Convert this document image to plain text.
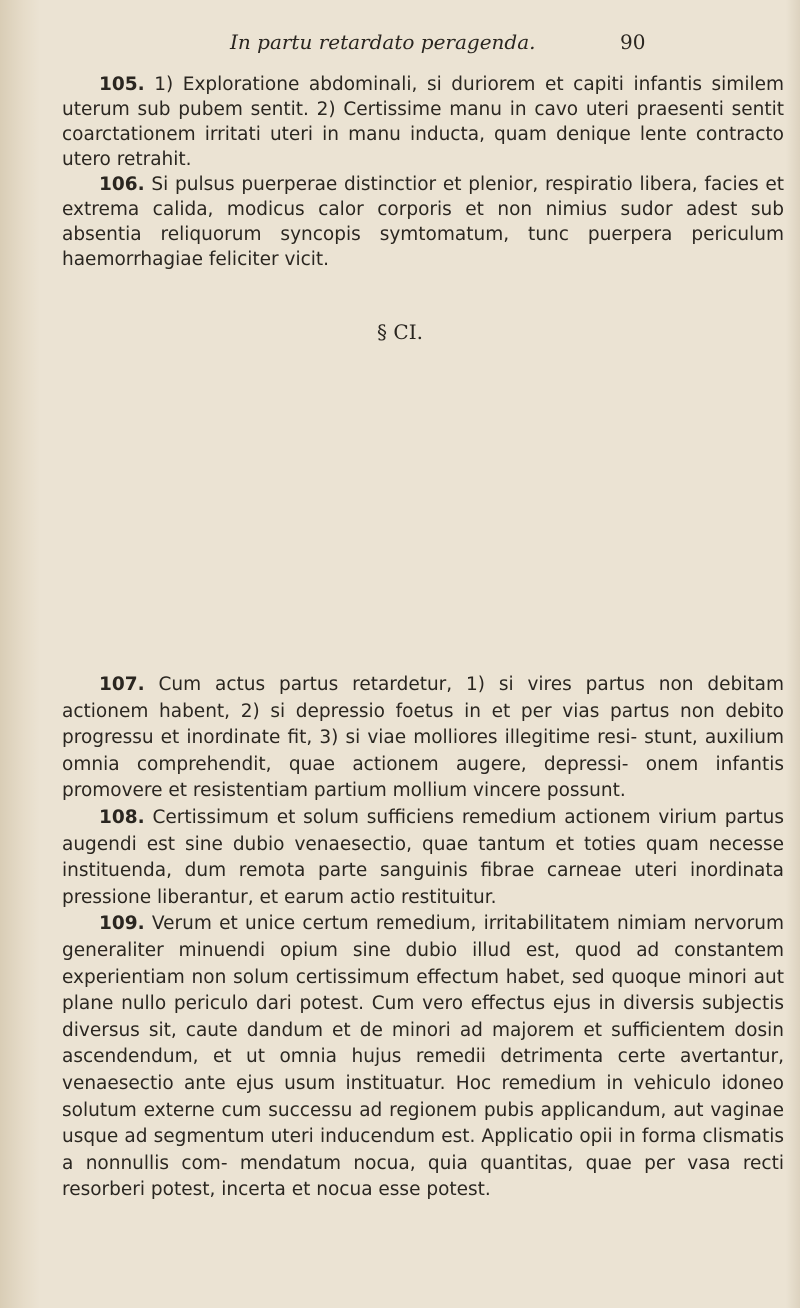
In partu retardato peragenda.	90

105. 1) Exploratione abdominali, si duriorem et capiti infantis similem uterum sub pubem sentit. 2) Certissime manu in cavo uteri praesenti sentit coarctationem irritati uteri in manu inducta, quam denique lente contracto utero retrahit.

106. Si pulsus puerperae distinctior et plenior, respiratio libera, facies et extrema calida, modicus calor corporis et non nimius sudor adest sub absentia reliquorum syncopis symtomatum, tunc puerpera periculum haemorrhagiae feliciter vicit.

§ CI.

107. Cum actus partus retardetur, 1) si vires partus non debitam actionem habent, 2) si depressio foetus in et per vias partus non debito progressu et inordinate fit, 3) si viae molliores illegitime resi- stunt, auxilium omnia comprehendit, quae actionem augere, depressi- onem infantis promovere et resistentiam partium mollium vincere possunt.

108. Certissimum et solum sufficiens remedium actionem virium partus augendi est sine dubio venaesectio, quae tantum et toties quam necesse instituenda, dum remota parte sanguinis fibrae carneae uteri inordinata pressione liberantur, et earum actio restituitur.

109. Verum et unice certum remedium, irritabilitatem nimiam nervorum generaliter minuendi opium sine dubio illud est, quod ad constantem experientiam non solum certissimum effectum habet, sed quoque minori aut plane nullo periculo dari potest. Cum vero effectus ejus in diversis subjectis diversus sit, caute dandum et de minori ad majorem et sufficientem dosin ascendendum, et ut omnia hujus remedii detrimenta certe avertantur, venaesectio ante ejus usum instituatur. Hoc remedium in vehiculo idoneo solutum externe cum successu ad regionem pubis applicandum, aut vaginae usque ad segmentum uteri inducendum est. Applicatio opii in forma clismatis a nonnullis com- mendatum nocua, quia quantitas, quae per vasa recti resorberi potest, incerta et nocua esse potest.
